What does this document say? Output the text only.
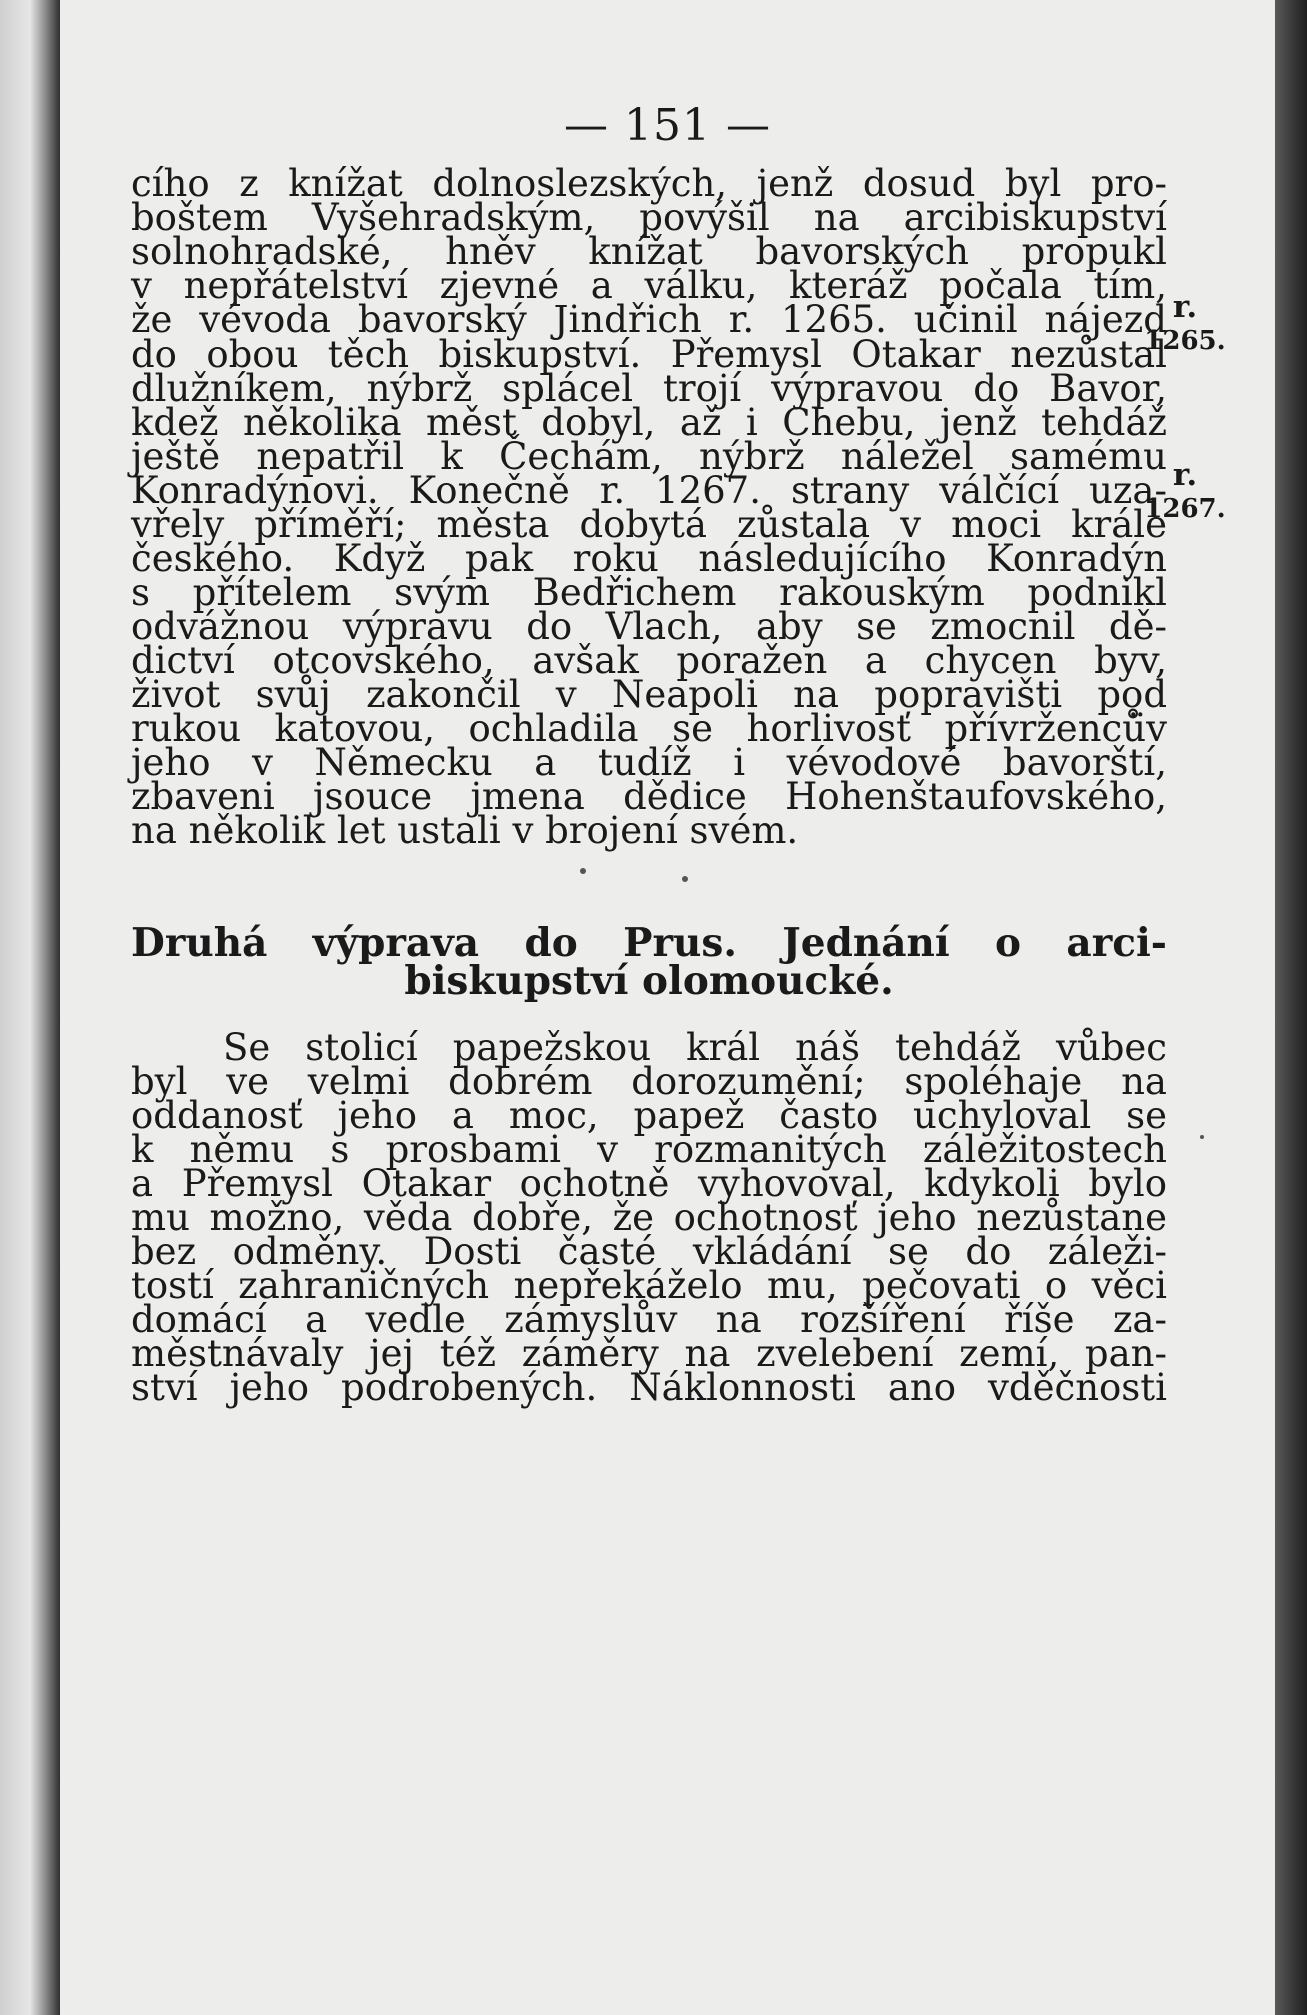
— 151 —
cího z knížat dolnoslezských, jenž dosud byl pro-
boštem Vyšehradským, povýšil na arcibiskupství
solnohradské, hněv knížat bavorských propukl
v nepřátelství zjevné a válku, kteráž počala tím,
že vévoda bavorský Jindřich r. 1265. učinil nájezd
do obou těch biskupství. Přemysl Otakar nezůstal
dlužníkem, nýbrž splácel trojí výpravou do Bavor,
kdež několika měst dobyl, až i Chebu, jenž tehdáž
ještě nepatřil k Čechám, nýbrž náležel samému
Konradýnovi. Konečně r. 1267. strany válčící uza-
vřely příměří; města dobytá zůstala v moci krále
českého. Když pak roku následujícího Konradýn
s přítelem svým Bedřichem rakouským podnikl
odvážnou výpravu do Vlach, aby se zmocnil dě-
dictví otcovského, avšak poražen a chycen byv,
život svůj zakončil v Neapoli na popravišti pod
rukou katovou, ochladila se horlivosť přívrženců̈v
jeho v Německu a tudíž i vévodové bavorští,
zbaveni jsouce jmena dědice Hohenštaufovského,
na několik let ustali v brojení svém.
r.
1265.
r.
1267.
Druhá výprava do Prus. Jednání o arci-
biskupství olomoucké.
Se stolicí papežskou král náš tehdáž vůbec
byl ve velmi dobrém dorozumění; spoléhaje na
oddanosť jeho a moc, papež často uchyloval se
k němu s prosbami v rozmanitých záležitostech
a Přemysl Otakar ochotně vyhovoval, kdykoli bylo
mu možno, věda dobře, že ochotnosť jeho nezůstane
bez odměny. Dosti časté vkládání se do záleži-
tostí zahraničných nepřekáželo mu, pečovati o věci
domácí a vedle zámyslův na rozšíření říše za-
městnávaly jej též záměry na zvelebení zemí, pan-
ství jeho podrobených. Náklonnosti ano vděčnosti
